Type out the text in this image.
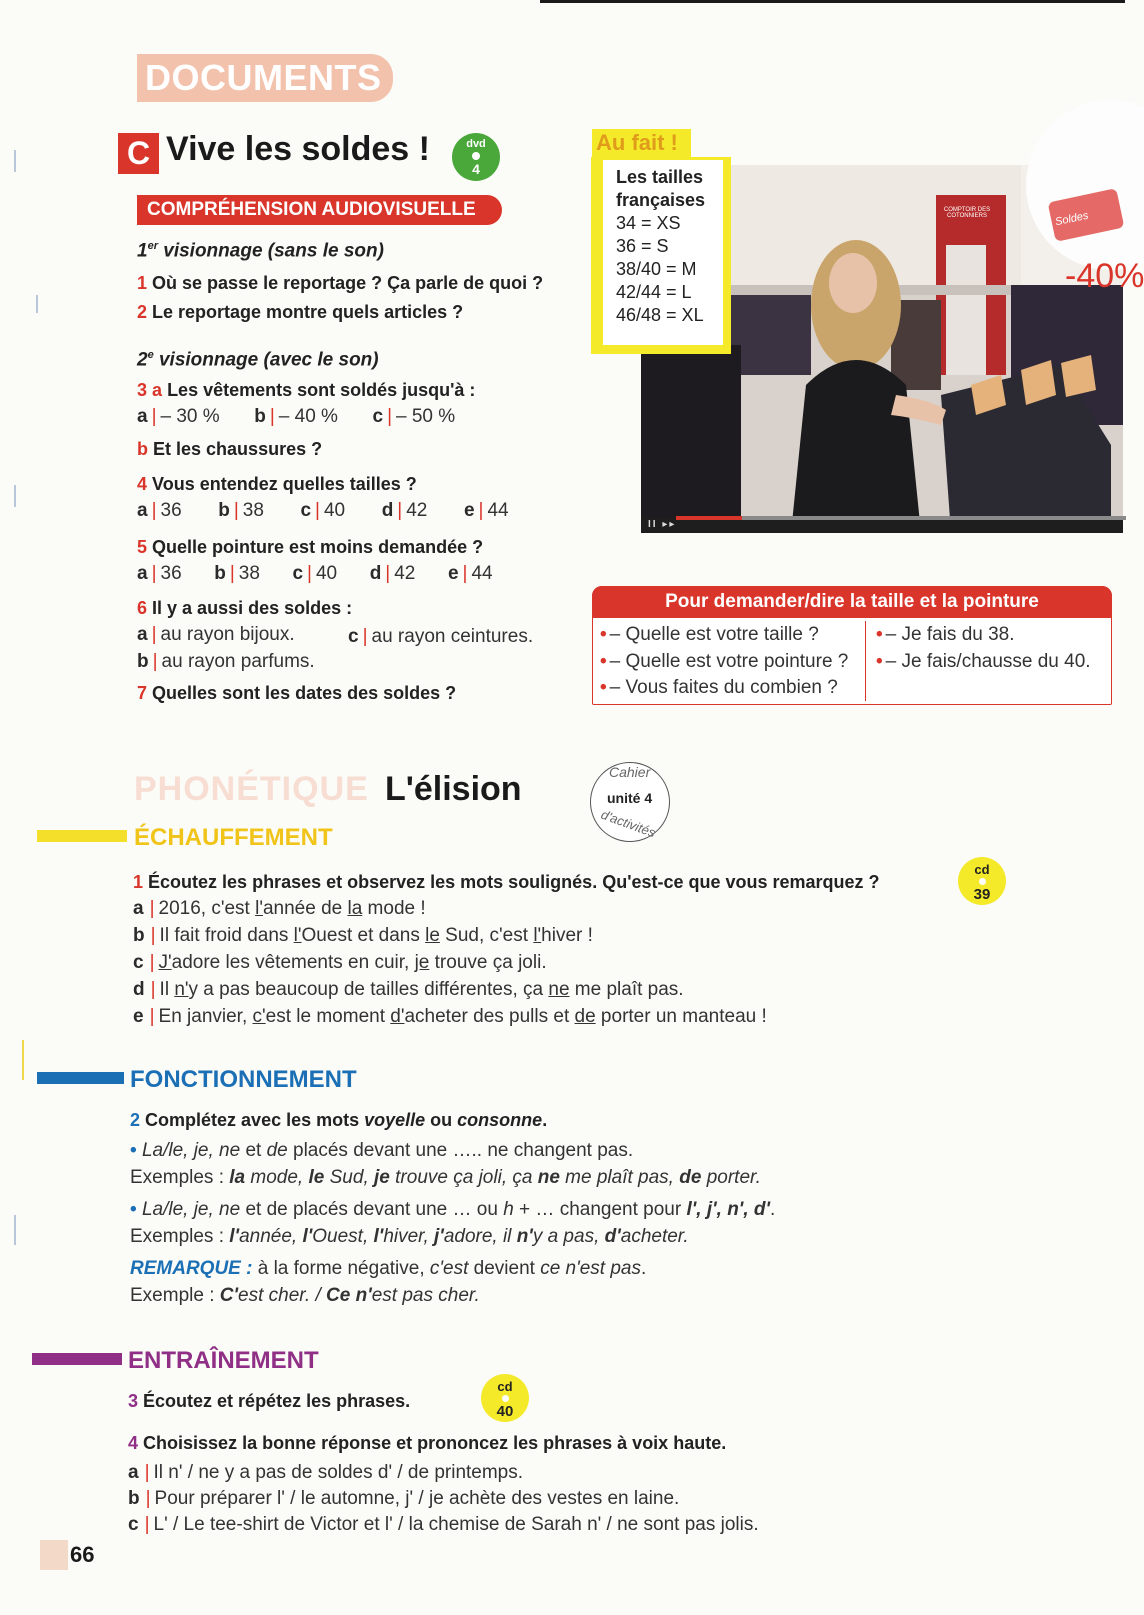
DOCUMENTS
C Vive les soldes !	dvd
4
COMPRÉHENSION AUDIOVISUELLE
1er visionnage (sans le son)
1 Où se passe le reportage ? Ça parle de quoi ?
2 Le reportage montre quels articles ?
2e visionnage (avec le son)
3 a Les vêtements sont soldés jusqu'à :
a | – 30 % b | – 40 % c | – 50 %
b Et les chaussures ?
4 Vous entendez quelles tailles ?
a | 36 b | 38 c | 40 d | 42 e | 44
5 Quelle pointure est moins demandée ?
a | 36 b | 38 c | 40 d | 42 e | 44
6 Il y a aussi des soldes :
a | au rayon bijoux.	c | au rayon ceintures.
b | au rayon parfums.
7 Quelles sont les dates des soldes ?
Soldes
-40%
COMPTOIR DES COTONNIERS
II ▸▸
Au fait !
Les tailles
françaises
34 = XS
36 = S
38/40 = M
42/44 = L
46/48 = XL
Pour demander/dire la taille et la pointure
• – Quelle est votre taille ?
• – Quelle est votre pointure ?
• – Vous faites du combien ?
• – Je fais du 38.
• – Je fais/chausse du 40.
PHONÉTIQUE L'élision	Cahier
unité 4
d'activités
ÉCHAUFFEMENT
1 Écoutez les phrases et observez les mots soulignés. Qu'est-ce que vous remarquez ?
cd
39
a | 2016, c'est l'année de la mode !
b | Il fait froid dans l'Ouest et dans le Sud, c'est l'hiver !
c | J'adore les vêtements en cuir, je trouve ça joli.
d | Il n'y a pas beaucoup de tailles différentes, ça ne me plaît pas.
e | En janvier, c'est le moment d'acheter des pulls et de porter un manteau !
FONCTIONNEMENT
2 Complétez avec les mots voyelle ou consonne.
• La/le, je, ne et de placés devant une ….. ne changent pas.
Exemples : la mode, le Sud, je trouve ça joli, ça ne me plaît pas, de porter.
• La/le, je, ne et de placés devant une … ou h + … changent pour l', j', n', d'.
Exemples : l'année, l'Ouest, l'hiver, j'adore, il n'y a pas, d'acheter.
REMARQUE : à la forme négative, c'est devient ce n'est pas.
Exemple : C'est cher. / Ce n'est pas cher.
ENTRAÎNEMENT
3 Écoutez et répétez les phrases.
cd
40
4 Choisissez la bonne réponse et prononcez les phrases à voix haute.
a | Il n' / ne y a pas de soldes d' / de printemps.
b | Pour préparer l' / le automne, j' / je achète des vestes en laine.
c | L' / Le tee-shirt de Victor et l' / la chemise de Sarah n' / ne sont pas jolis.
66
